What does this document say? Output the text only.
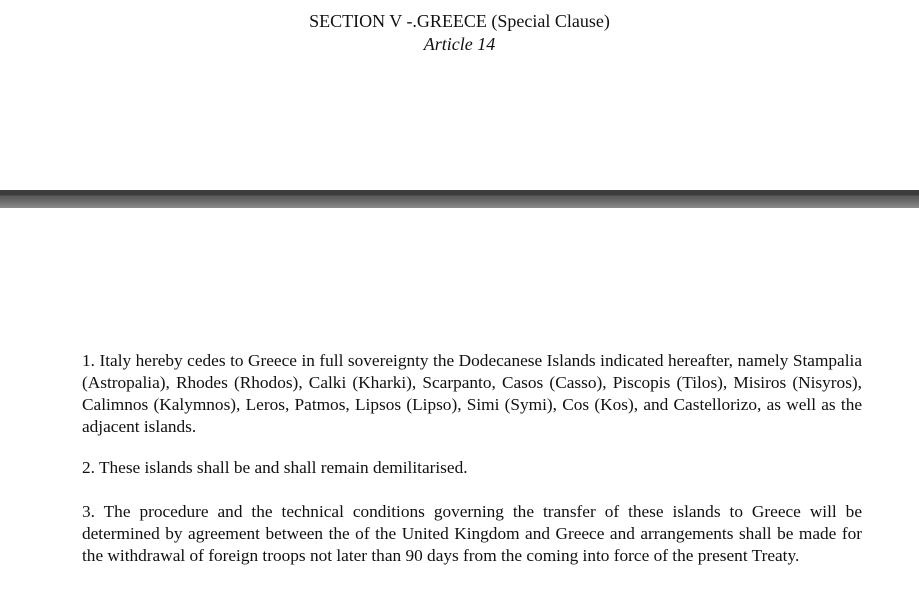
SECTION V -.GREECE (Special Clause)
Article 14

1. Italy hereby cedes to Greece in full sovereignty the Dodecanese Islands indicated hereafter, namely Stampalia (Astropalia), Rhodes (Rhodos), Calki (Kharki), Scarpanto, Casos (Casso), Piscopis (Tilos), Misiros (Nisyros), Calimnos (Kalymnos), Leros, Patmos, Lipsos (Lipso), Simi (Symi), Cos (Kos), and Castellorizo, as well as the adjacent islands.

2. These islands shall be and shall remain demilitarised.

3. The procedure and the technical conditions governing the transfer of these islands to Greece will be determined by agreement between the of the United Kingdom and Greece and arrangements shall be made for the withdrawal of foreign troops not later than 90 days from the coming into force of the present Treaty.
